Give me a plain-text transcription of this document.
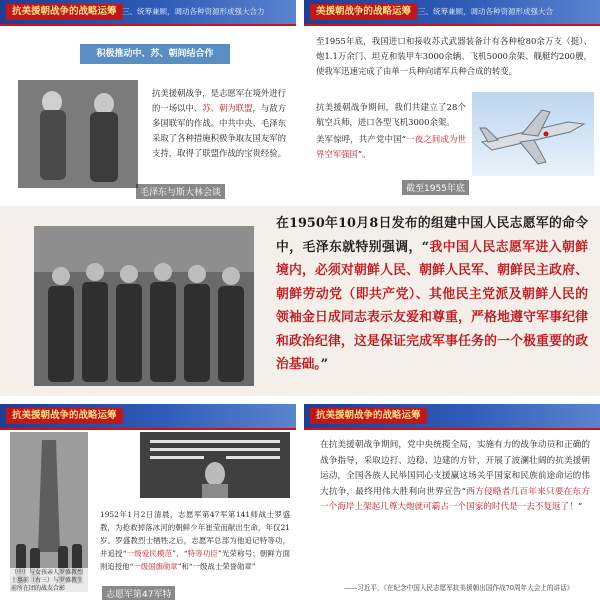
抗美援朝战争的战略运筹 三、统筹兼顾，调动各种资源形成强大合力
积极推动中、苏、朝间结合作
抗美援朝战争，是志愿军在境外进行的一场以中、苏、朝为联盟，与敌方多国联军的作战。中共中央、毛泽东采取了各种措施积极争取友国友军的支持，取得了联盟作战的宝贵经验。
毛泽东与斯大林会谈
美援朝战争的战略运筹 三、统筹兼顾，调动各种资源形成强大合
至1955年底，我国进口和接收苏式武器装备计有各种枪80余万支（挺）、炮1.1万余门、坦克和装甲车3000余辆、飞机5000余架、舰艇约200艘，使我军迅速完成了由单一兵种向诸军兵种合成的转变。
抗美援朝战争期间，我们共建立了28个航空兵师，进口各型飞机3000余架。
美军惊呼，共产党中国“一夜之间成为世界空军强国”。
截至1955年底
在1950年10月8日发布的组建中国人民志愿军的命令中，毛泽东就特别强调，“我中国人民志愿军进入朝鲜境内，必须对朝鲜人民、朝鲜人民军、朝鲜民主政府、朝鲜劳动党（即共产党）、其他民主党派及朝鲜人民的领袖金日成同志表示友爱和尊重，严格地遵守军事纪律和政治纪律，这是保证完成军事任务的一个极重要的政治基础。”
抗美援朝战争的战略运筹
（中）与女孩亲人罗盛教烈士墓前（右三）与罗盛教生前所在团的战友合影
1952年1月2日清晨，志愿军第47军第141师战士罗盛教，为抢救掉落冰河的朝鲜少年崔莹而献出生命，年仅21岁。罗盛教烈士牺牲之后，志愿军总部为他追记特等功，并追授“一级爱民模范”、“特等功臣”光荣称号；朝鲜方面则追授他“一级国旗勋章”和“一级战士荣誉勋章”
志愿军第47军特
抗美援朝战争的战略运筹
在抗美援朝战争期间，党中央统揽全局，实施有力的战争动员和正确的战争指导，采取边打、边稳、边建的方针，开展了波澜壮阔的抗美援朝运动，全国各族人民举国同心支援赢这场关乎国家和民族前途命运的伟大抗争，最终用伟大胜利向世界宣告“西方侵略者几百年来只要在东方一个海岸上架起几尊大炮就可霸占一个国家的时代是一去不复返了！”
——习近平，《在纪念中国人民志愿军抗美援朝出国作战70周年大会上的讲话》
